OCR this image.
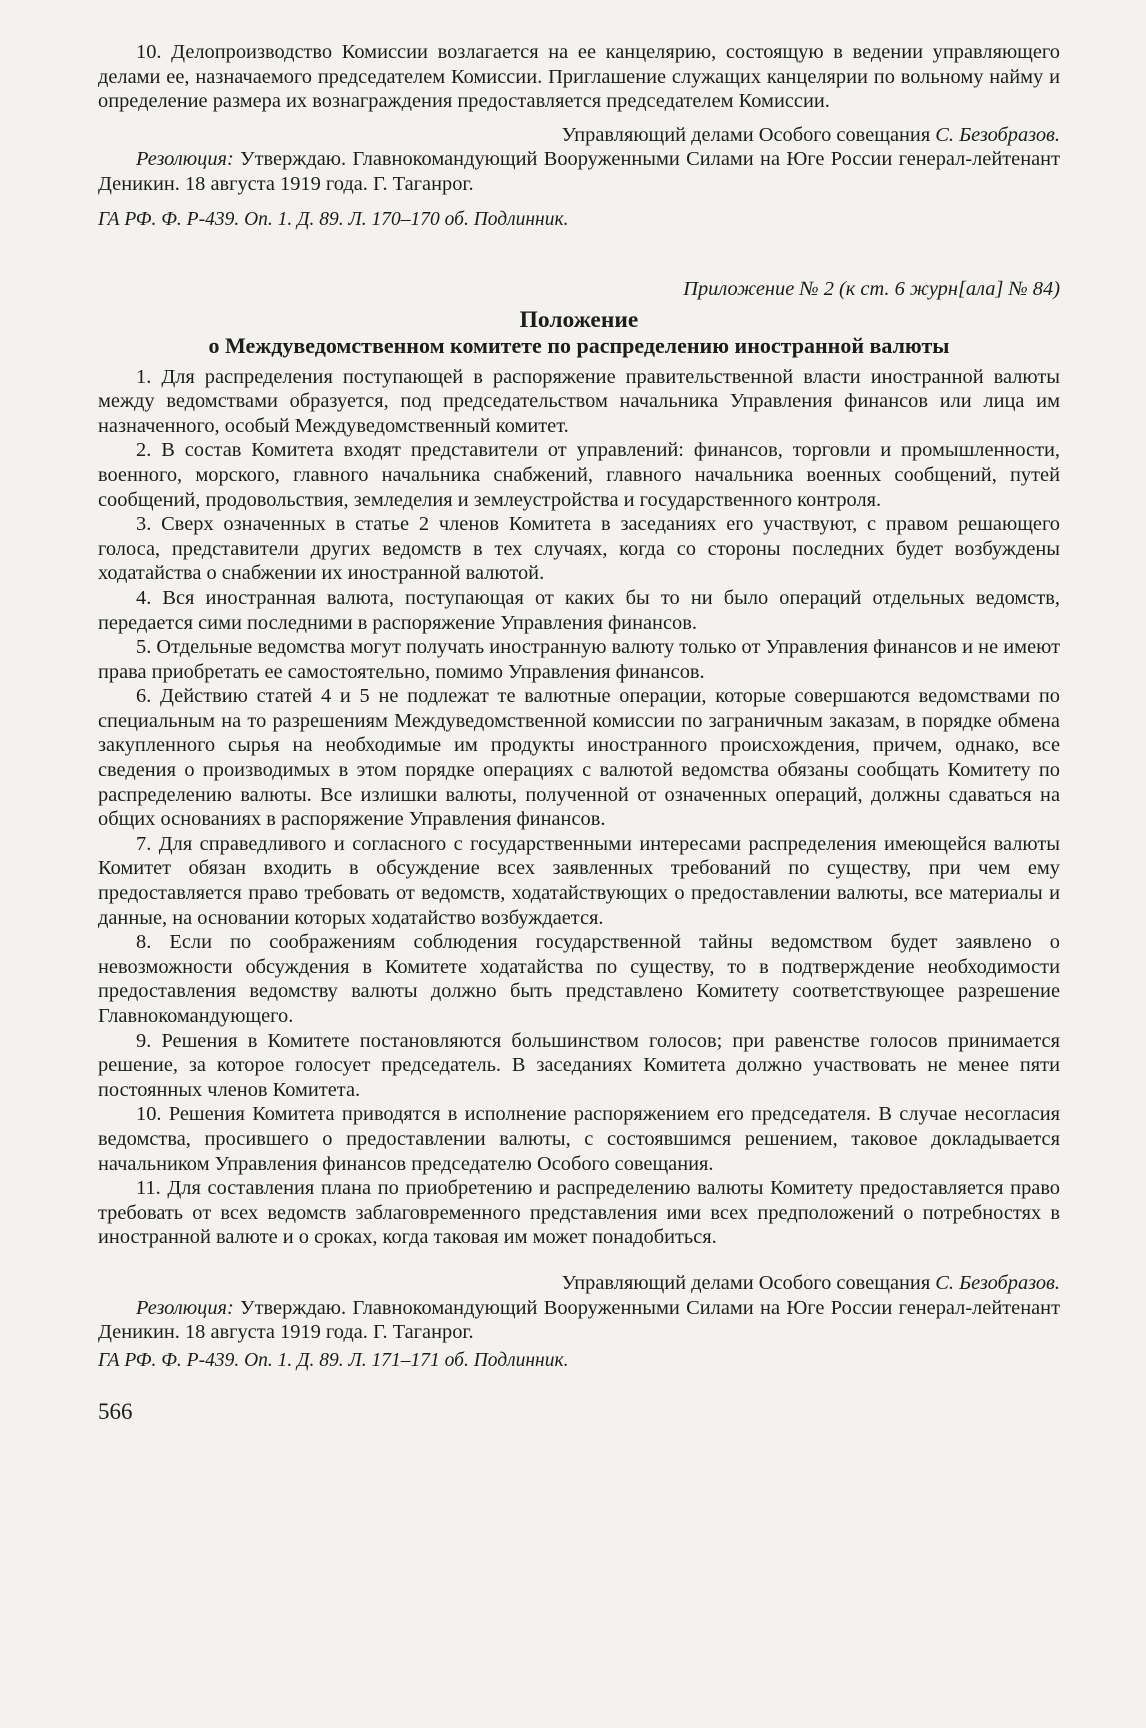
10. Делопроизводство Комиссии возлагается на ее канцелярию, состоящую в ведении управляющего делами ее, назначаемого председателем Комиссии. Приглашение служащих канцелярии по вольному найму и определение размера их вознаграждения предоставляется председателем Комиссии.

Управляющий делами Особого совещания С. Безобразов.

Резолюция: Утверждаю. Главнокомандующий Вооруженными Силами на Юге России генерал-лейтенант Деникин. 18 августа 1919 года. Г. Таганрог.

ГА РФ. Ф. Р-439. Оп. 1. Д. 89. Л. 170–170 об. Подлинник.

Приложение № 2 (к ст. 6 журн[ала] № 84)

Положение

о Междуведомственном комитете по распределению иностранной валюты

1. Для распределения поступающей в распоряжение правительственной власти иностранной валюты между ведомствами образуется, под председательством начальника Управления финансов или лица им назначенного, особый Междуведомственный комитет.

2. В состав Комитета входят представители от управлений: финансов, торговли и промышленности, военного, морского, главного начальника снабжений, главного начальника военных сообщений, путей сообщений, продовольствия, земледелия и землеустройства и государственного контроля.

3. Сверх означенных в статье 2 членов Комитета в заседаниях его участвуют, с правом решающего голоса, представители других ведомств в тех случаях, когда со стороны последних будет возбуждены ходатайства о снабжении их иностранной валютой.

4. Вся иностранная валюта, поступающая от каких бы то ни было операций отдельных ведомств, передается сими последними в распоряжение Управления финансов.

5. Отдельные ведомства могут получать иностранную валюту только от Управления финансов и не имеют права приобретать ее самостоятельно, помимо Управления финансов.

6. Действию статей 4 и 5 не подлежат те валютные операции, которые совершаются ведомствами по специальным на то разрешениям Междуведомственной комиссии по заграничным заказам, в порядке обмена закупленного сырья на необходимые им продукты иностранного происхождения, причем, однако, все сведения о производимых в этом порядке операциях с валютой ведомства обязаны сообщать Комитету по распределению валюты. Все излишки валюты, полученной от означенных операций, должны сдаваться на общих основаниях в распоряжение Управления финансов.

7. Для справедливого и согласного с государственными интересами распределения имеющейся валюты Комитет обязан входить в обсуждение всех заявленных требований по существу, при чем ему предоставляется право требовать от ведомств, ходатайствующих о предоставлении валюты, все материалы и данные, на основании которых ходатайство возбуждается.

8. Если по соображениям соблюдения государственной тайны ведомством будет заявлено о невозможности обсуждения в Комитете ходатайства по существу, то в подтверждение необходимости предоставления ведомству валюты должно быть представлено Комитету соответствующее разрешение Главнокомандующего.

9. Решения в Комитете постановляются большинством голосов; при равенстве голосов принимается решение, за которое голосует председатель. В заседаниях Комитета должно участвовать не менее пяти постоянных членов Комитета.

10. Решения Комитета приводятся в исполнение распоряжением его председателя. В случае несогласия ведомства, просившего о предоставлении валюты, с состоявшимся решением, таковое докладывается начальником Управления финансов председателю Особого совещания.

11. Для составления плана по приобретению и распределению валюты Комитету предоставляется право требовать от всех ведомств заблаговременного представления ими всех предположений о потребностях в иностранной валюте и о сроках, когда таковая им может понадобиться.

Управляющий делами Особого совещания С. Безобразов.

Резолюция: Утверждаю. Главнокомандующий Вооруженными Силами на Юге России генерал-лейтенант Деникин. 18 августа 1919 года. Г. Таганрог.

ГА РФ. Ф. Р-439. Оп. 1. Д. 89. Л. 171–171 об. Подлинник.

566
